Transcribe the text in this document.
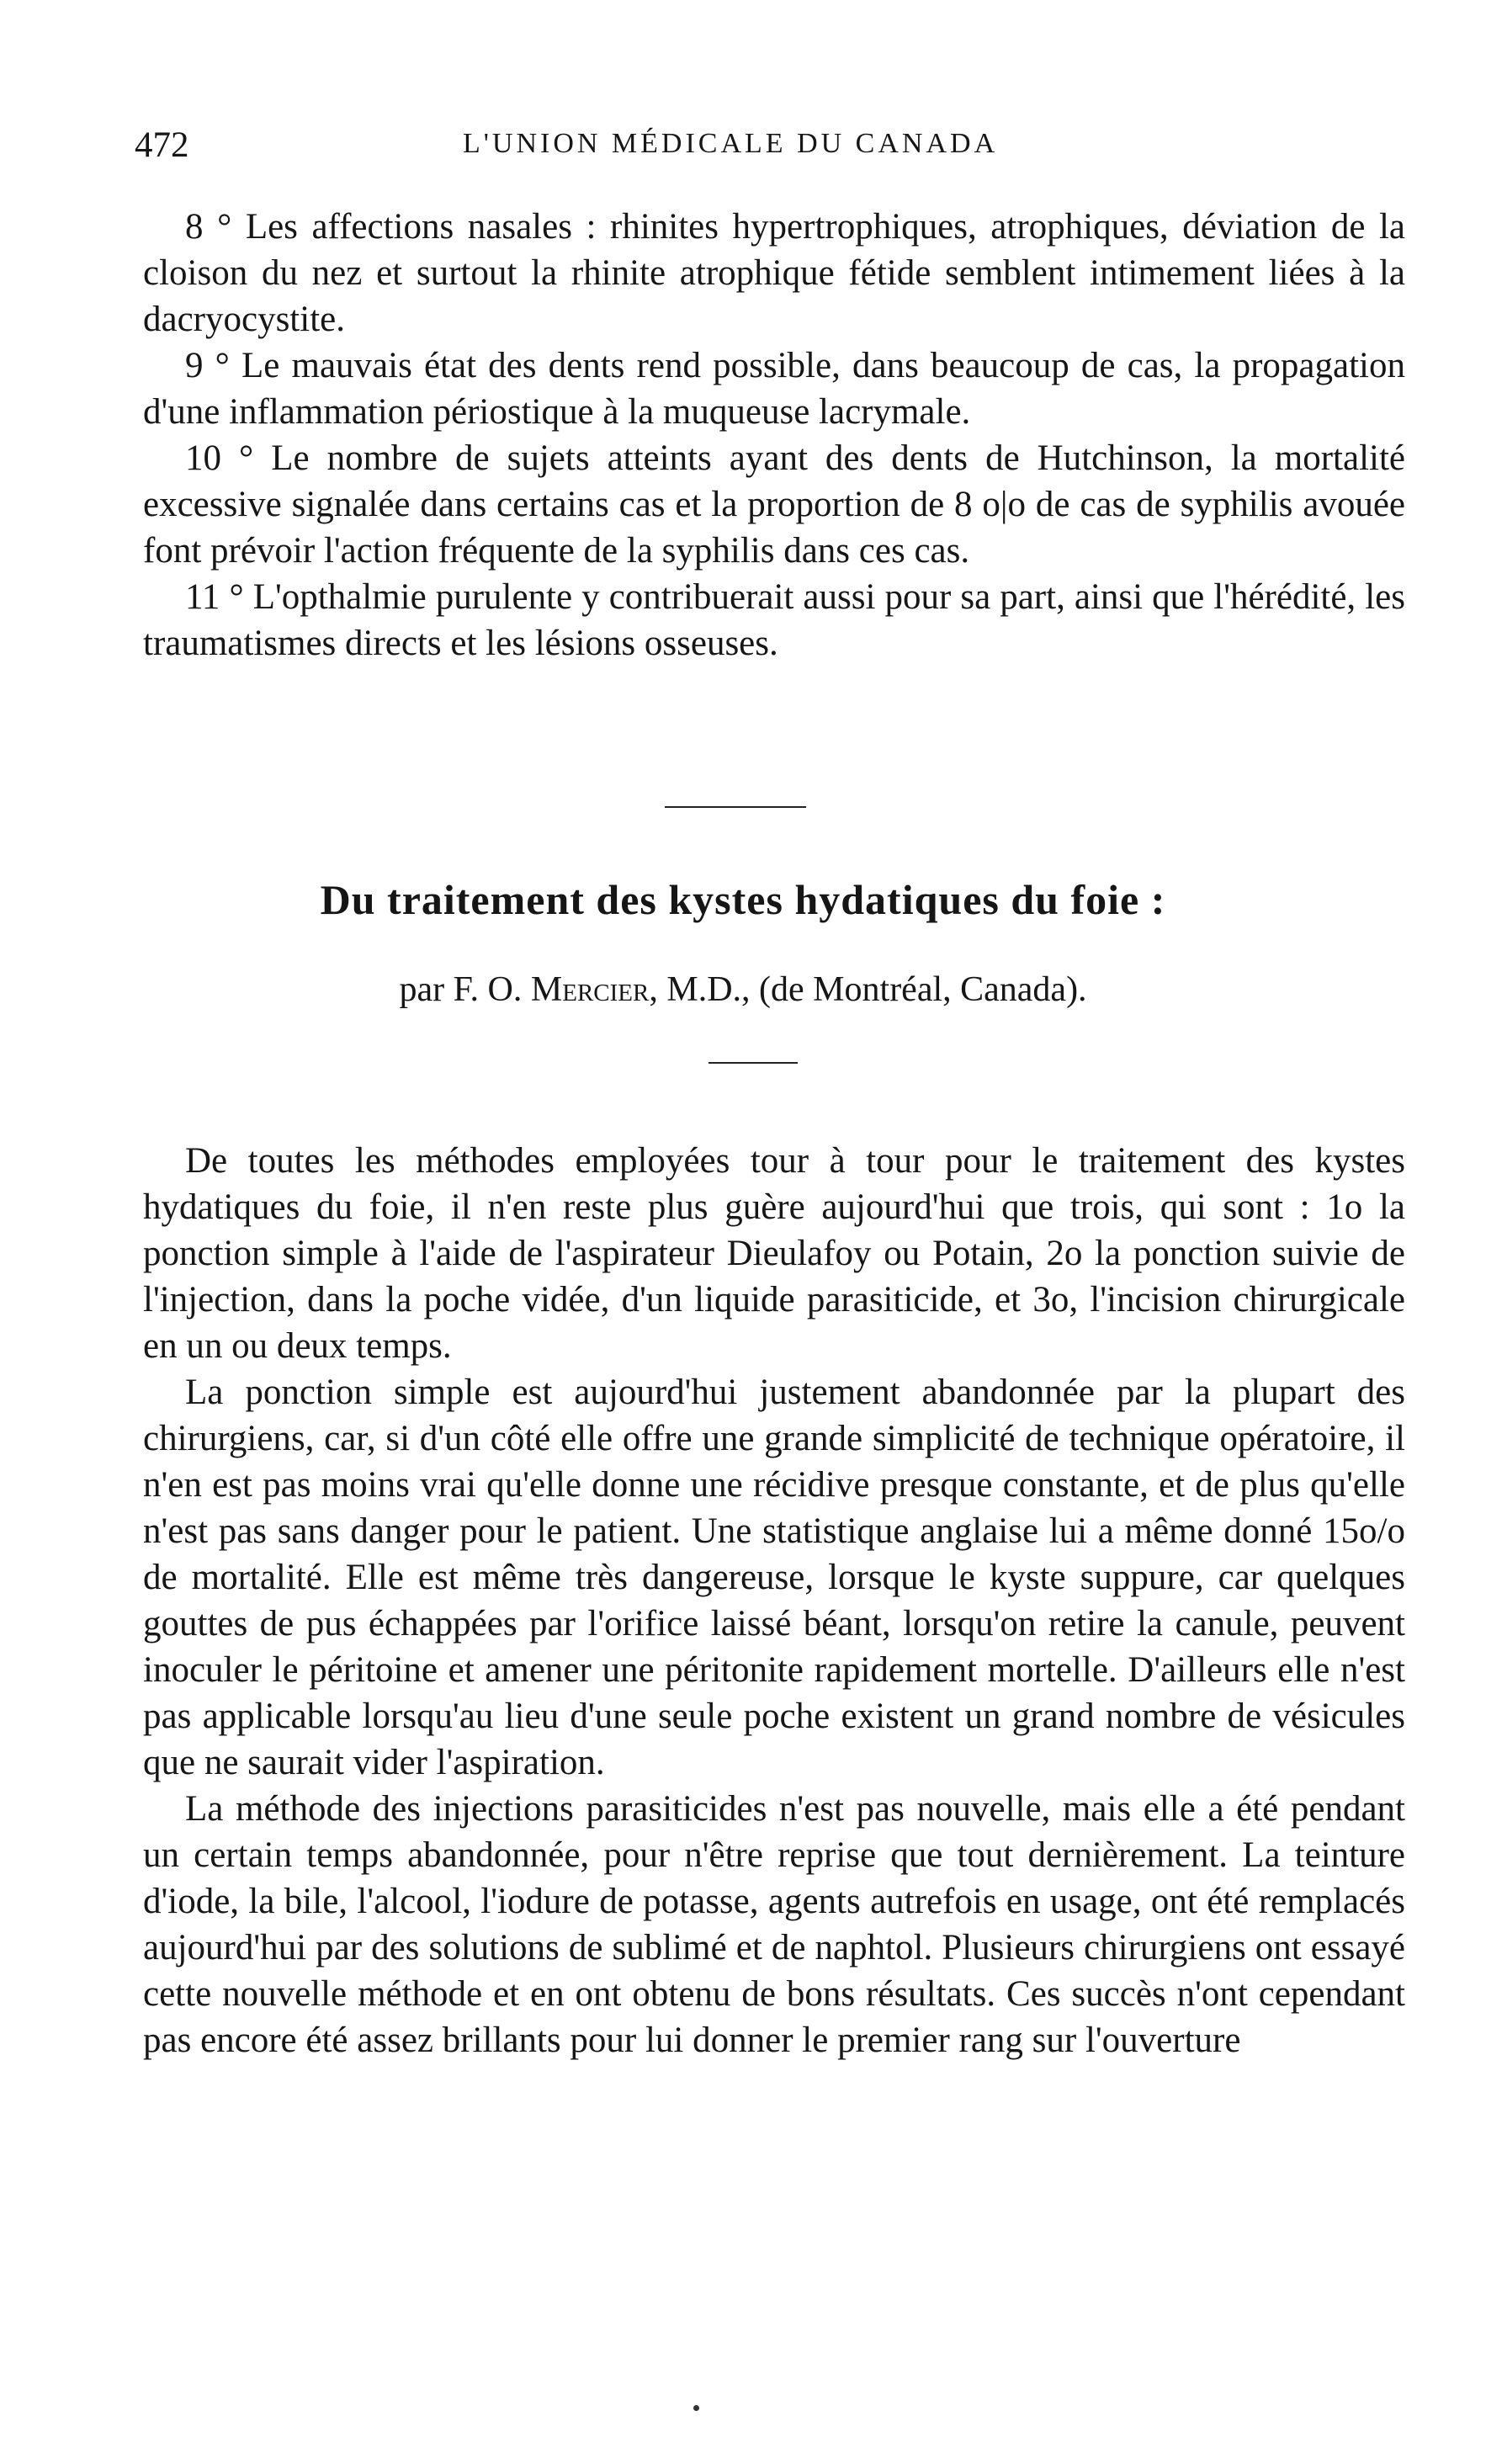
472	L'UNION MÉDICALE DU CANADA

8 ° Les affections nasales : rhinites hypertrophiques, atrophiques, déviation de la cloison du nez et surtout la rhinite atrophique fétide semblent intimement liées à la dacryocystite.

9 ° Le mauvais état des dents rend possible, dans beaucoup de cas, la propagation d'une inflammation périostique à la muqueuse lacrymale.

10 ° Le nombre de sujets atteints ayant des dents de Hutchinson, la mortalité excessive signalée dans certains cas et la proportion de 8 o|o de cas de syphilis avouée font prévoir l'action fréquente de la syphilis dans ces cas.

11 ° L'opthalmie purulente y contribuerait aussi pour sa part, ainsi que l'hérédité, les traumatismes directs et les lésions osseuses.

Du traitement des kystes hydatiques du foie :
par F. O. Mercier, M.D., (de Montréal, Canada).

De toutes les méthodes employées tour à tour pour le traitement des kystes hydatiques du foie, il n'en reste plus guère aujourd'hui que trois, qui sont : 1o la ponction simple à l'aide de l'aspirateur Dieulafoy ou Potain, 2o la ponction suivie de l'injection, dans la poche vidée, d'un liquide parasiticide, et 3o, l'incision chirurgicale en un ou deux temps.

La ponction simple est aujourd'hui justement abandonnée par la plupart des chirurgiens, car, si d'un côté elle offre une grande simplicité de technique opératoire, il n'en est pas moins vrai qu'elle donne une récidive presque constante, et de plus qu'elle n'est pas sans danger pour le patient. Une statistique anglaise lui a même donné 15o/o de mortalité. Elle est même très dangereuse, lorsque le kyste suppure, car quelques gouttes de pus échappées par l'orifice laissé béant, lorsqu'on retire la canule, peuvent inoculer le péritoine et amener une péritonite rapidement mortelle. D'ailleurs elle n'est pas applicable lorsqu'au lieu d'une seule poche existent un grand nombre de vésicules que ne saurait vider l'aspiration.

La méthode des injections parasiticides n'est pas nouvelle, mais elle a été pendant un certain temps abandonnée, pour n'être reprise que tout dernièrement. La teinture d'iode, la bile, l'alcool, l'iodure de potasse, agents autrefois en usage, ont été remplacés aujourd'hui par des solutions de sublimé et de naphtol. Plusieurs chirurgiens ont essayé cette nouvelle méthode et en ont obtenu de bons résultats. Ces succès n'ont cependant pas encore été assez brillants pour lui donner le premier rang sur l'ouverture
